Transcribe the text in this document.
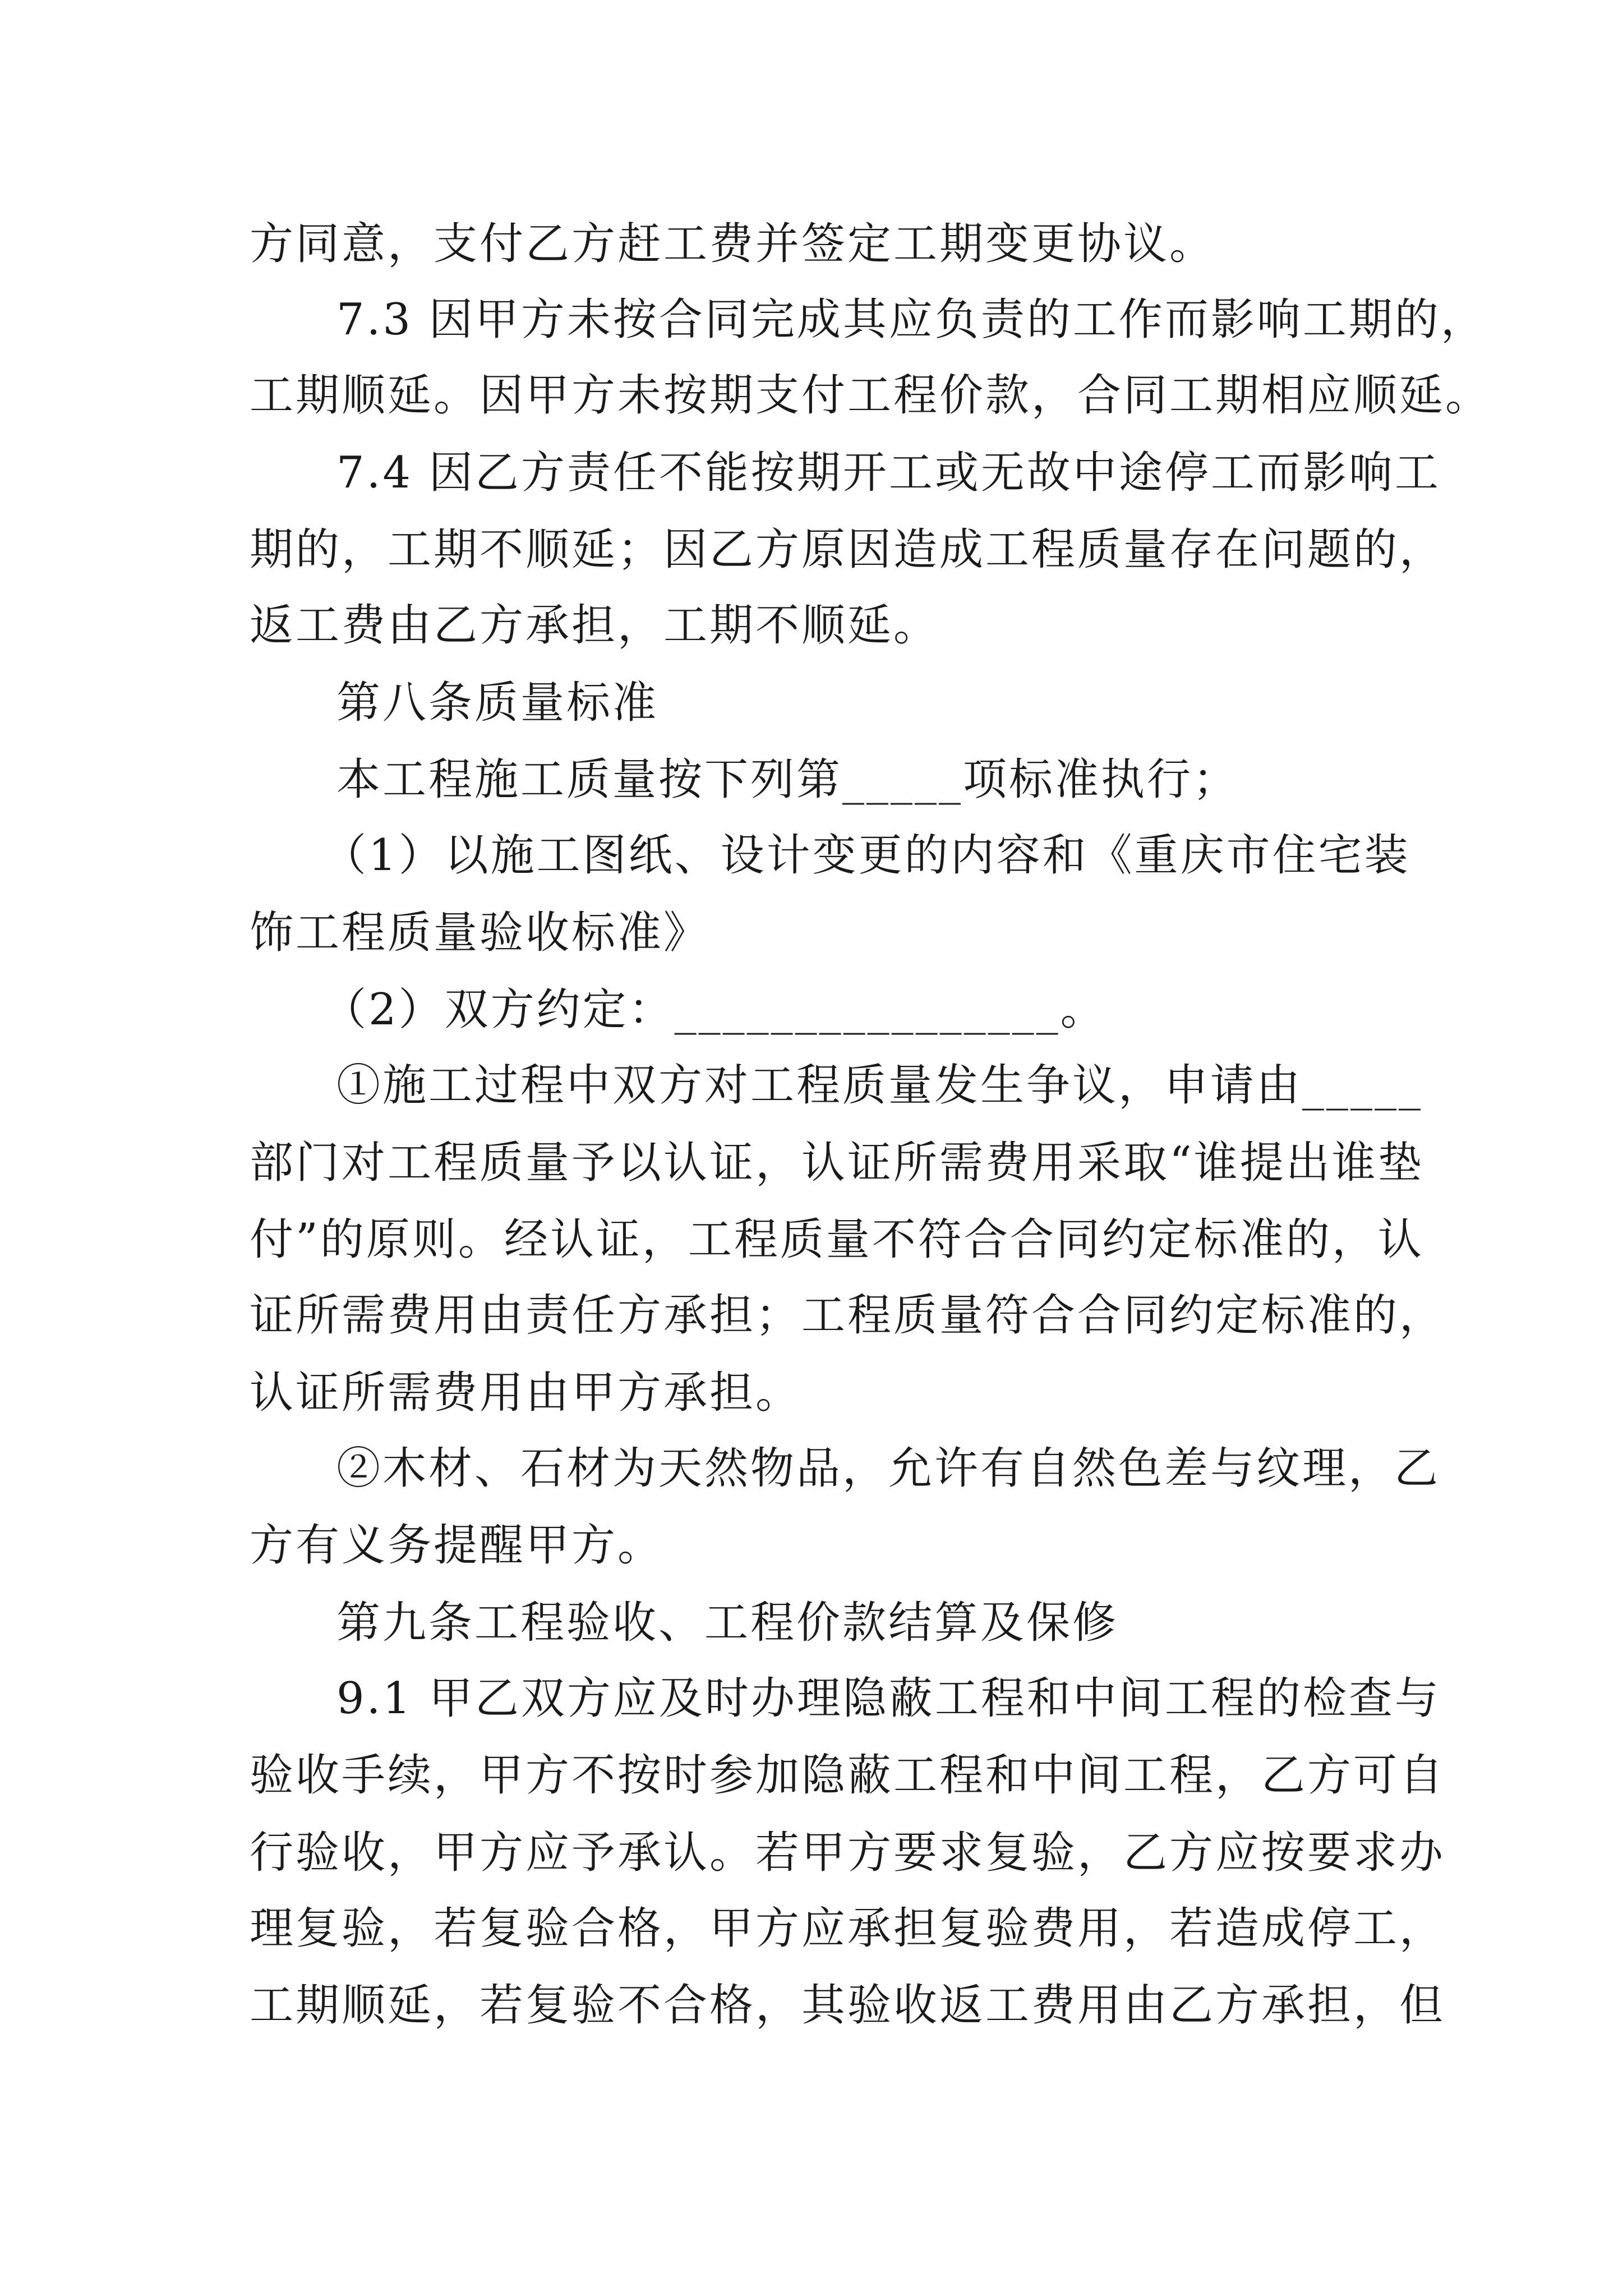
方同意，支付乙方赶工费并签定工期变更协议。
7.3 因甲方未按合同完成其应负责的工作而影响工期的，
工期顺延。因甲方未按期支付工程价款，合同工期相应顺延。
7.4 因乙方责任不能按期开工或无故中途停工而影响工
期的，工期不顺延；因乙方原因造成工程质量存在问题的，
返工费由乙方承担，工期不顺延。
第八条质量标准
本工程施工质量按下列第_____项标准执行；
（1）以施工图纸、设计变更的内容和《重庆市住宅装
饰工程质量验收标准》
（2）双方约定：________________。
①施工过程中双方对工程质量发生争议，申请由_____
部门对工程质量予以认证，认证所需费用采取“谁提出谁垫
付”的原则。经认证，工程质量不符合合同约定标准的，认
证所需费用由责任方承担；工程质量符合合同约定标准的，
认证所需费用由甲方承担。
②木材、石材为天然物品，允许有自然色差与纹理，乙
方有义务提醒甲方。
第九条工程验收、工程价款结算及保修
9.1 甲乙双方应及时办理隐蔽工程和中间工程的检查与
验收手续，甲方不按时参加隐蔽工程和中间工程，乙方可自
行验收，甲方应予承认。若甲方要求复验，乙方应按要求办
理复验，若复验合格，甲方应承担复验费用，若造成停工，
工期顺延，若复验不合格，其验收返工费用由乙方承担，但
